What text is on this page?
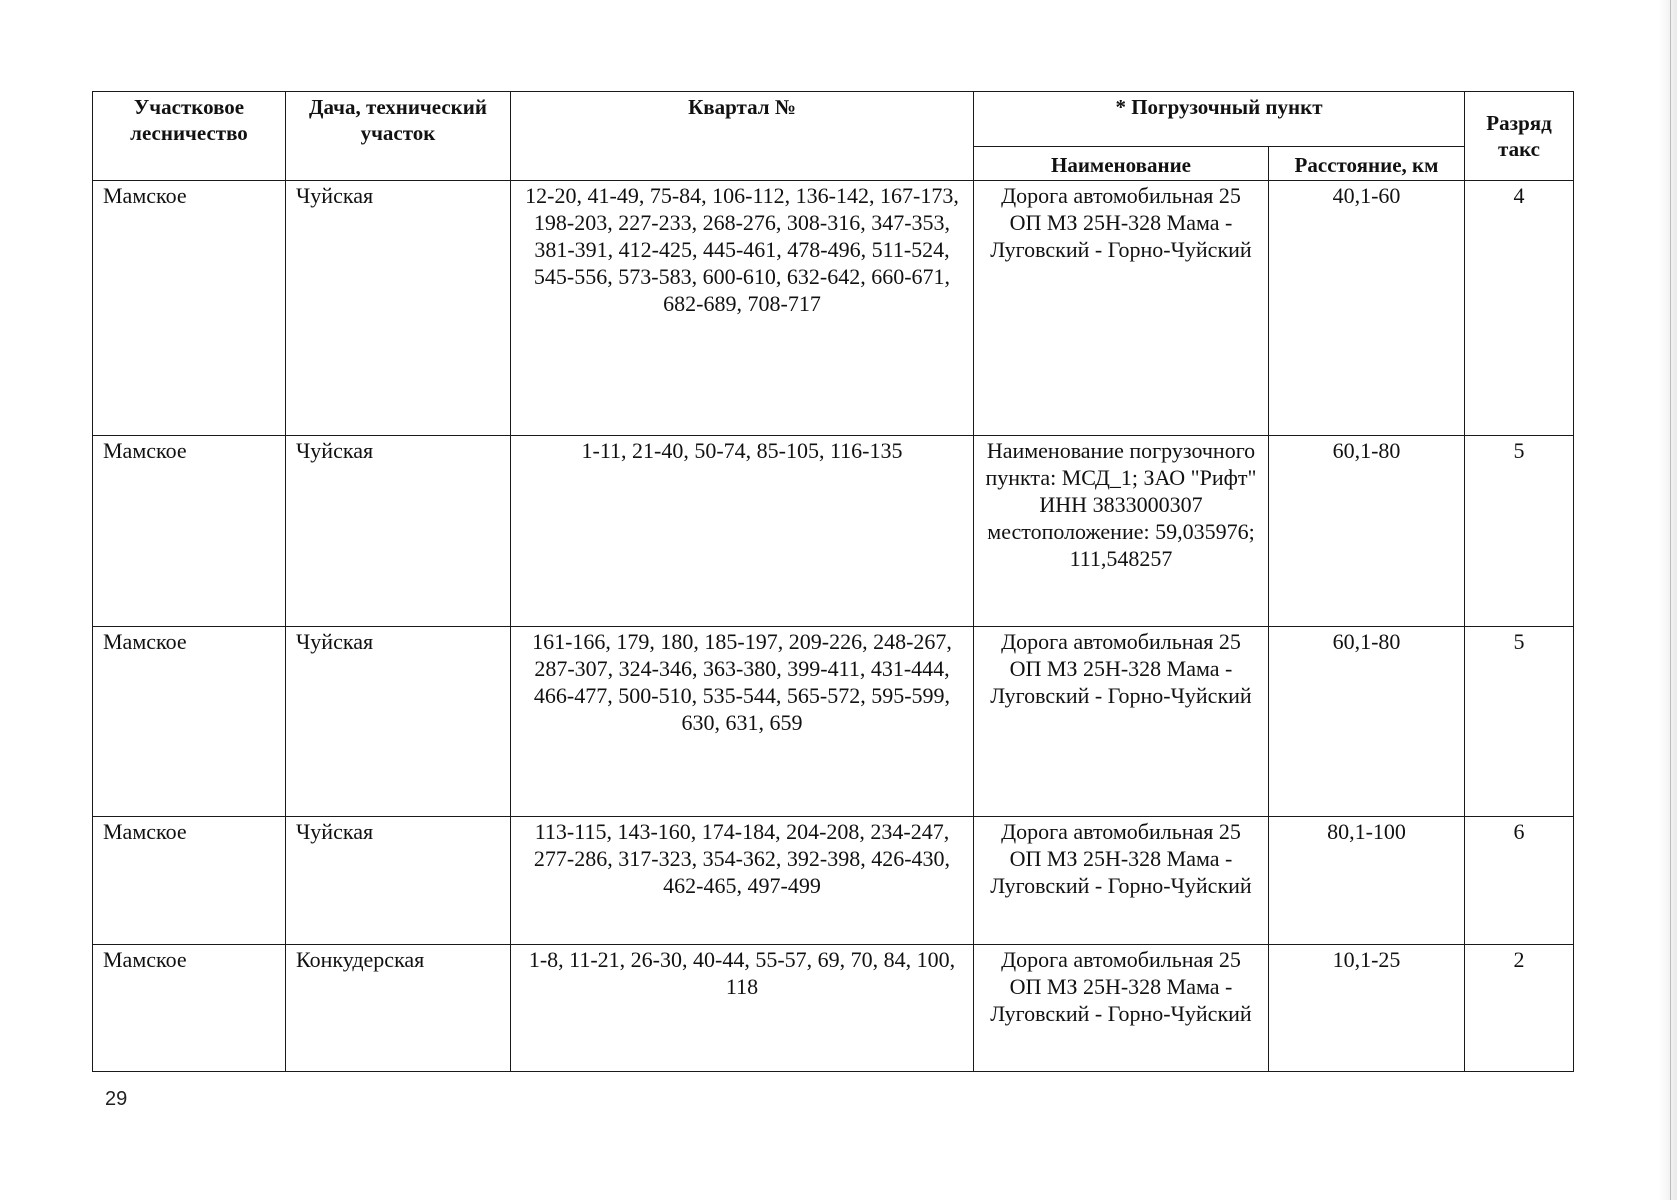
Участковое лесничество	Дача, технический участок	Квартал №	* Погрузочный пункт		Разряд такс
			Наименование	Расстояние, км	
Мамское	Чуйская	12-20, 41-49, 75-84, 106-112, 136-142, 167-173, 198-203, 227-233, 268-276, 308-316, 347-353, 381-391, 412-425, 445-461, 478-496, 511-524, 545-556, 573-583, 600-610, 632-642, 660-671, 682-689, 708-717	Дорога автомобильная 25 ОП МЗ 25Н-328 Мама - Луговский - Горно-Чуйский	40,1-60	4
Мамское	Чуйская	1-11, 21-40, 50-74, 85-105, 116-135	Наименование погрузочного пункта: МСД_1; ЗАО "Рифт" ИНН 3833000307 местоположение: 59,035976; 111,548257	60,1-80	5
Мамское	Чуйская	161-166, 179, 180, 185-197, 209-226, 248-267, 287-307, 324-346, 363-380, 399-411, 431-444, 466-477, 500-510, 535-544, 565-572, 595-599, 630, 631, 659	Дорога автомобильная 25 ОП МЗ 25Н-328 Мама - Луговский - Горно-Чуйский	60,1-80	5
Мамское	Чуйская	113-115, 143-160, 174-184, 204-208, 234-247, 277-286, 317-323, 354-362, 392-398, 426-430, 462-465, 497-499	Дорога автомобильная 25 ОП МЗ 25Н-328 Мама - Луговский - Горно-Чуйский	80,1-100	6
Мамское	Конкудерская	1-8, 11-21, 26-30, 40-44, 55-57, 69, 70, 84, 100, 118	Дорога автомобильная 25 ОП МЗ 25Н-328 Мама - Луговский - Горно-Чуйский	10,1-25	2
29
